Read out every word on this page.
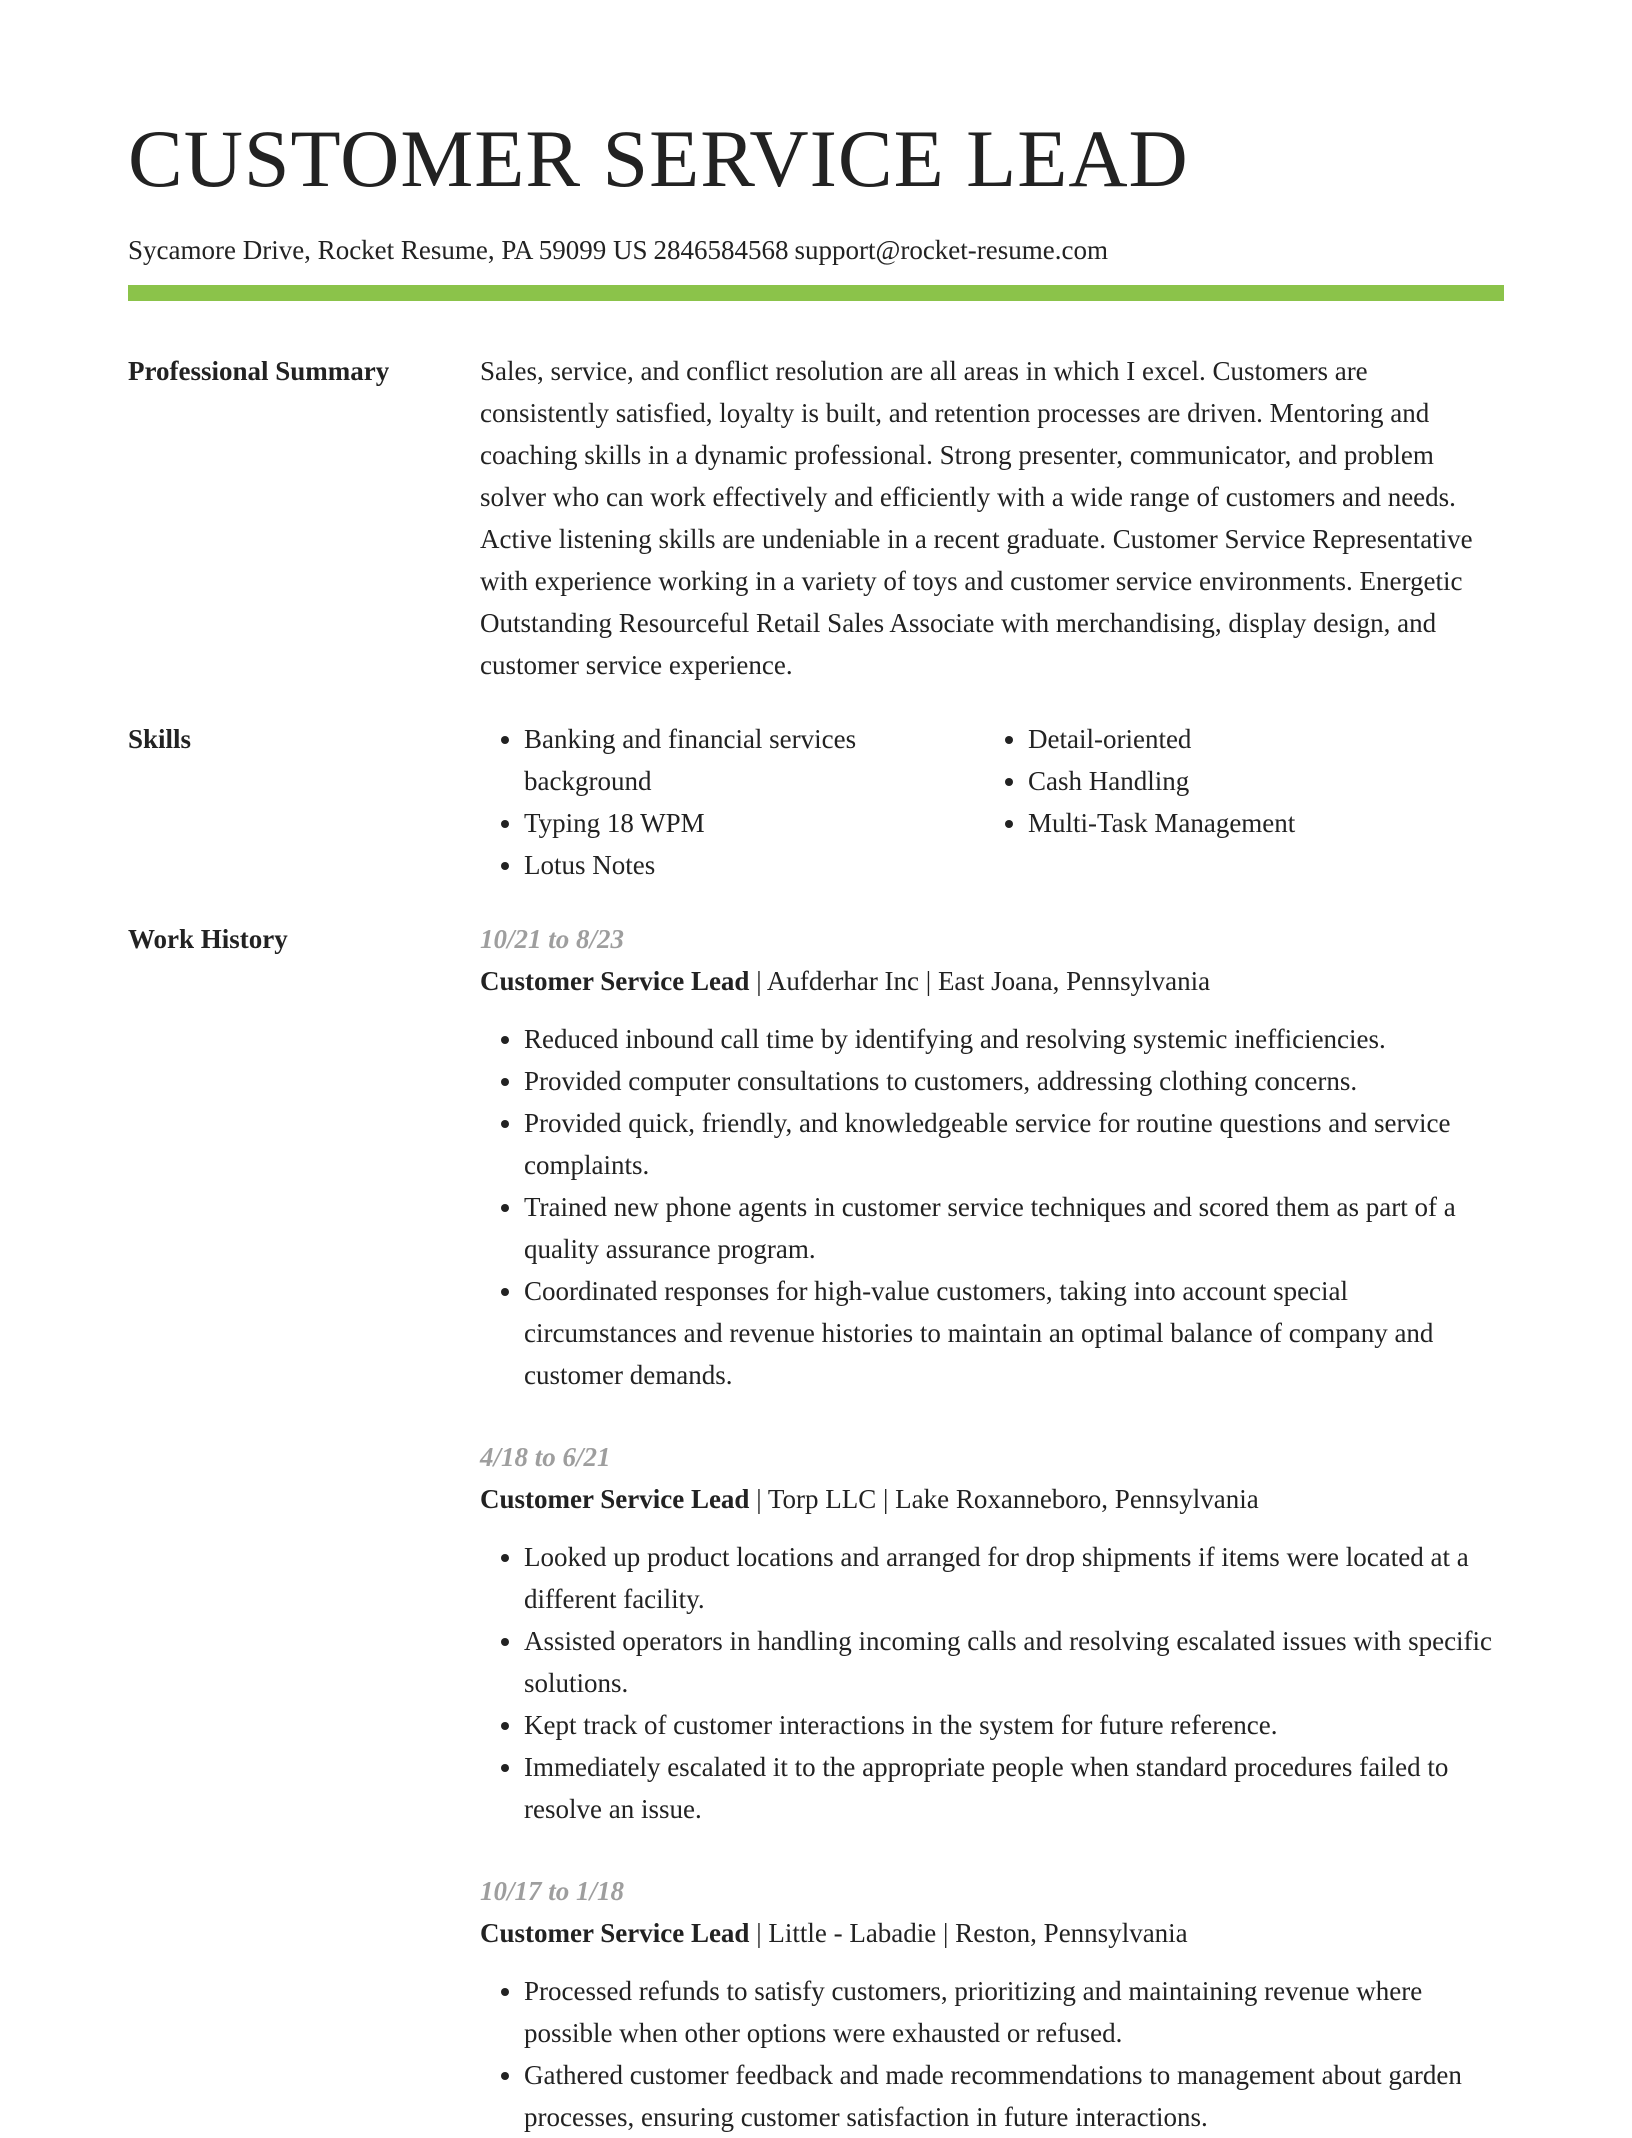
CUSTOMER SERVICE LEAD
Sycamore Drive, Rocket Resume, PA 59099 US 2846584568 support@rocket-resume.com
Professional Summary	Sales, service, and conflict resolution are all areas in which I excel. Customers are consistently satisfied, loyalty is built, and retention processes are driven. Mentoring and coaching skills in a dynamic professional. Strong presenter, communicator, and problem solver who can work effectively and efficiently with a wide range of customers and needs. Active listening skills are undeniable in a recent graduate. Customer Service Representative with experience working in a variety of toys and customer service environments. Energetic Outstanding Resourceful Retail Sales Associate with merchandising, display design, and customer service experience.

Skills
•	Banking and financial services background
• Typing 18 WPM
• Lotus Notes
• Detail-oriented
• Cash Handling
• Multi-Task Management
Work History	10/21 to 8/23
Customer Service Lead | Aufderhar Inc | East Joana, Pennsylvania
• Reduced inbound call time by identifying and resolving systemic inefficiencies.
• Provided computer consultations to customers, addressing clothing concerns.
• Provided quick, friendly, and knowledgeable service for routine questions and service complaints.
• Trained new phone agents in customer service techniques and scored them as part of a quality assurance program.
• Coordinated responses for high-value customers, taking into account special circumstances and revenue histories to maintain an optimal balance of company and customer demands.
4/18 to 6/21
Customer Service Lead | Torp LLC | Lake Roxanneboro, Pennsylvania
• Looked up product locations and arranged for drop shipments if items were located at a different facility.
• Assisted operators in handling incoming calls and resolving escalated issues with specific solutions.
• Kept track of customer interactions in the system for future reference.
• Immediately escalated it to the appropriate people when standard procedures failed to resolve an issue.
10/17 to 1/18
Customer Service Lead | Little - Labadie | Reston, Pennsylvania
• Processed refunds to satisfy customers, prioritizing and maintaining revenue where possible when other options were exhausted or refused.
• Gathered customer feedback and made recommendations to management about garden processes, ensuring customer satisfaction in future interactions.
